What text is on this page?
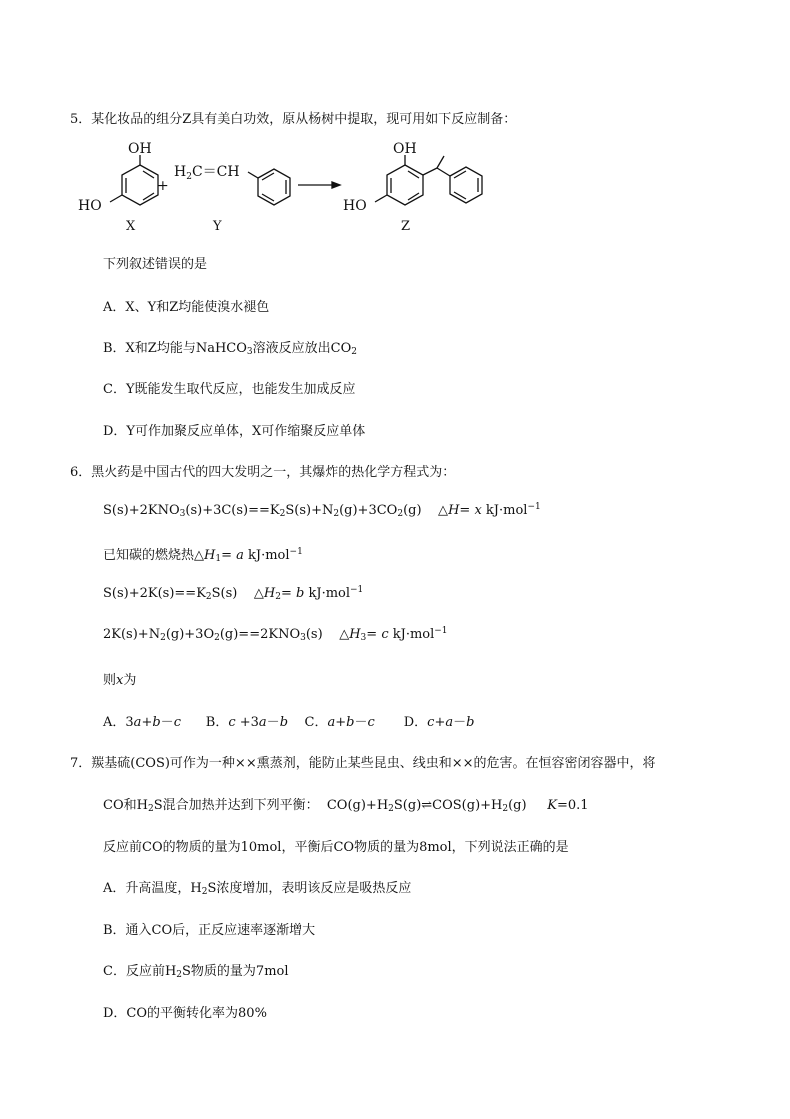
5．某化妆品的组分Z具有美白功效，原从杨树中提取，现可用如下反应制备：
OH
HO
X
+
$H_2C=CH$
Y
OH
HO
Z
下列叙述错误的是
A．X、Y和Z均能使溴水褪色
B．X和Z均能与NaHCO$_3$溶液反应放出$CO_2$
C．Y既能发生取代反应，也能发生加成反应
D．Y可作加聚反应单体，X可作缩聚反应单体
6．黑火药是中国古代的四大发明之一，其爆炸的热化学方程式为：
$S(s)+2KNO_3(s)+3C(s)==K_2S(s)+N_2(g)+3CO_2(g)$    △H= x kJ·mol$^{-1}$
已知碳的燃烧热$\triangle H_1= a$ kJ·mol$^{-1}$
$S(s)+2K(s)==K_2S(s)$    $\triangle H_2= b$ kJ·mol$^{-1}$
$2K(s)+N_2(g)+3O_2(g)==2KNO_3(s)$    $\triangle H_3= c$ kJ·mol$^{-1}$
则x为
A．3a+b－c      B．c +3a－b    C．a+b－c       D．c+a－b
7．羰基硫(COS)可作为一种××熏蒸剂，能防止某些昆虫、线虫和××的危害。在恒容密闭容器中，将
CO和$H_2S$混合加热并达到下列平衡：  $CO(g)+H_2S(g)\rightleftharpoons COS(g)+H_2(g)$     K=0.1
反应前CO的物质的量为10mol，平衡后CO物质的量为8mol，下列说法正确的是
A．升高温度，$H_2S$浓度增加，表明该反应是吸热反应
B．通入CO后，正反应速率逐渐增大
C．反应前$H_2S$物质的量为7mol
D．CO的平衡转化率为80%
